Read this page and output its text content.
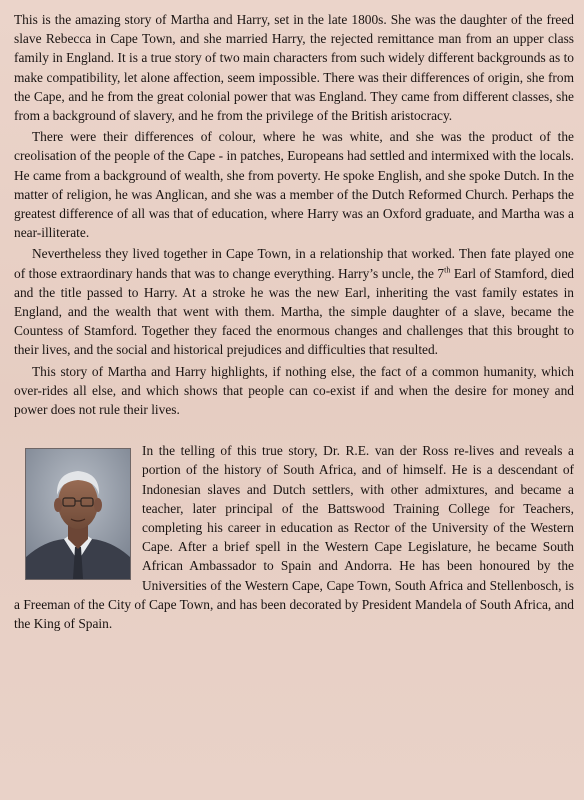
This is the amazing story of Martha and Harry, set in the late 1800s. She was the daughter of the freed slave Rebecca in Cape Town, and she married Harry, the rejected remittance man from an upper class family in England. It is a true story of two main characters from such widely different backgrounds as to make compatibility, let alone affection, seem impossible. There was their differences of origin, she from the Cape, and he from the great colonial power that was England. They came from different classes, she from a background of slavery, and he from the privilege of the British aristocracy.

There were their differences of colour, where he was white, and she was the product of the creolisation of the people of the Cape - in patches, Europeans had settled and intermixed with the locals. He came from a background of wealth, she from poverty. He spoke English, and she spoke Dutch. In the matter of religion, he was Anglican, and she was a member of the Dutch Reformed Church. Perhaps the greatest difference of all was that of education, where Harry was an Oxford graduate, and Martha was a near-illiterate.

Nevertheless they lived together in Cape Town, in a relationship that worked. Then fate played one of those extraordinary hands that was to change everything. Harry’s uncle, the 7th Earl of Stamford, died and the title passed to Harry. At a stroke he was the new Earl, inheriting the vast family estates in England, and the wealth that went with them. Martha, the simple daughter of a slave, became the Countess of Stamford. Together they faced the enormous changes and challenges that this brought to their lives, and the social and historical prejudices and difficulties that resulted.

This story of Martha and Harry highlights, if nothing else, the fact of a common humanity, which over-rides all else, and which shows that people can co-exist if and when the desire for money and power does not rule their lives.

In the telling of this true story, Dr. R.E. van der Ross re-lives and reveals a portion of the history of South Africa, and of himself. He is a descendant of Indonesian slaves and Dutch settlers, with other admixtures, and became a teacher, later principal of the Battswood Training College for Teachers, completing his career in education as Rector of the University of the Western Cape. After a brief spell in the Western Cape Legislature, he became South African Ambassador to Spain and Andorra. He has been honoured by the Universities of the Western Cape, Cape Town, South Africa and Stellenbosch, is a Freeman of the City of Cape Town, and has been decorated by President Mandela of South Africa, and the King of Spain.
